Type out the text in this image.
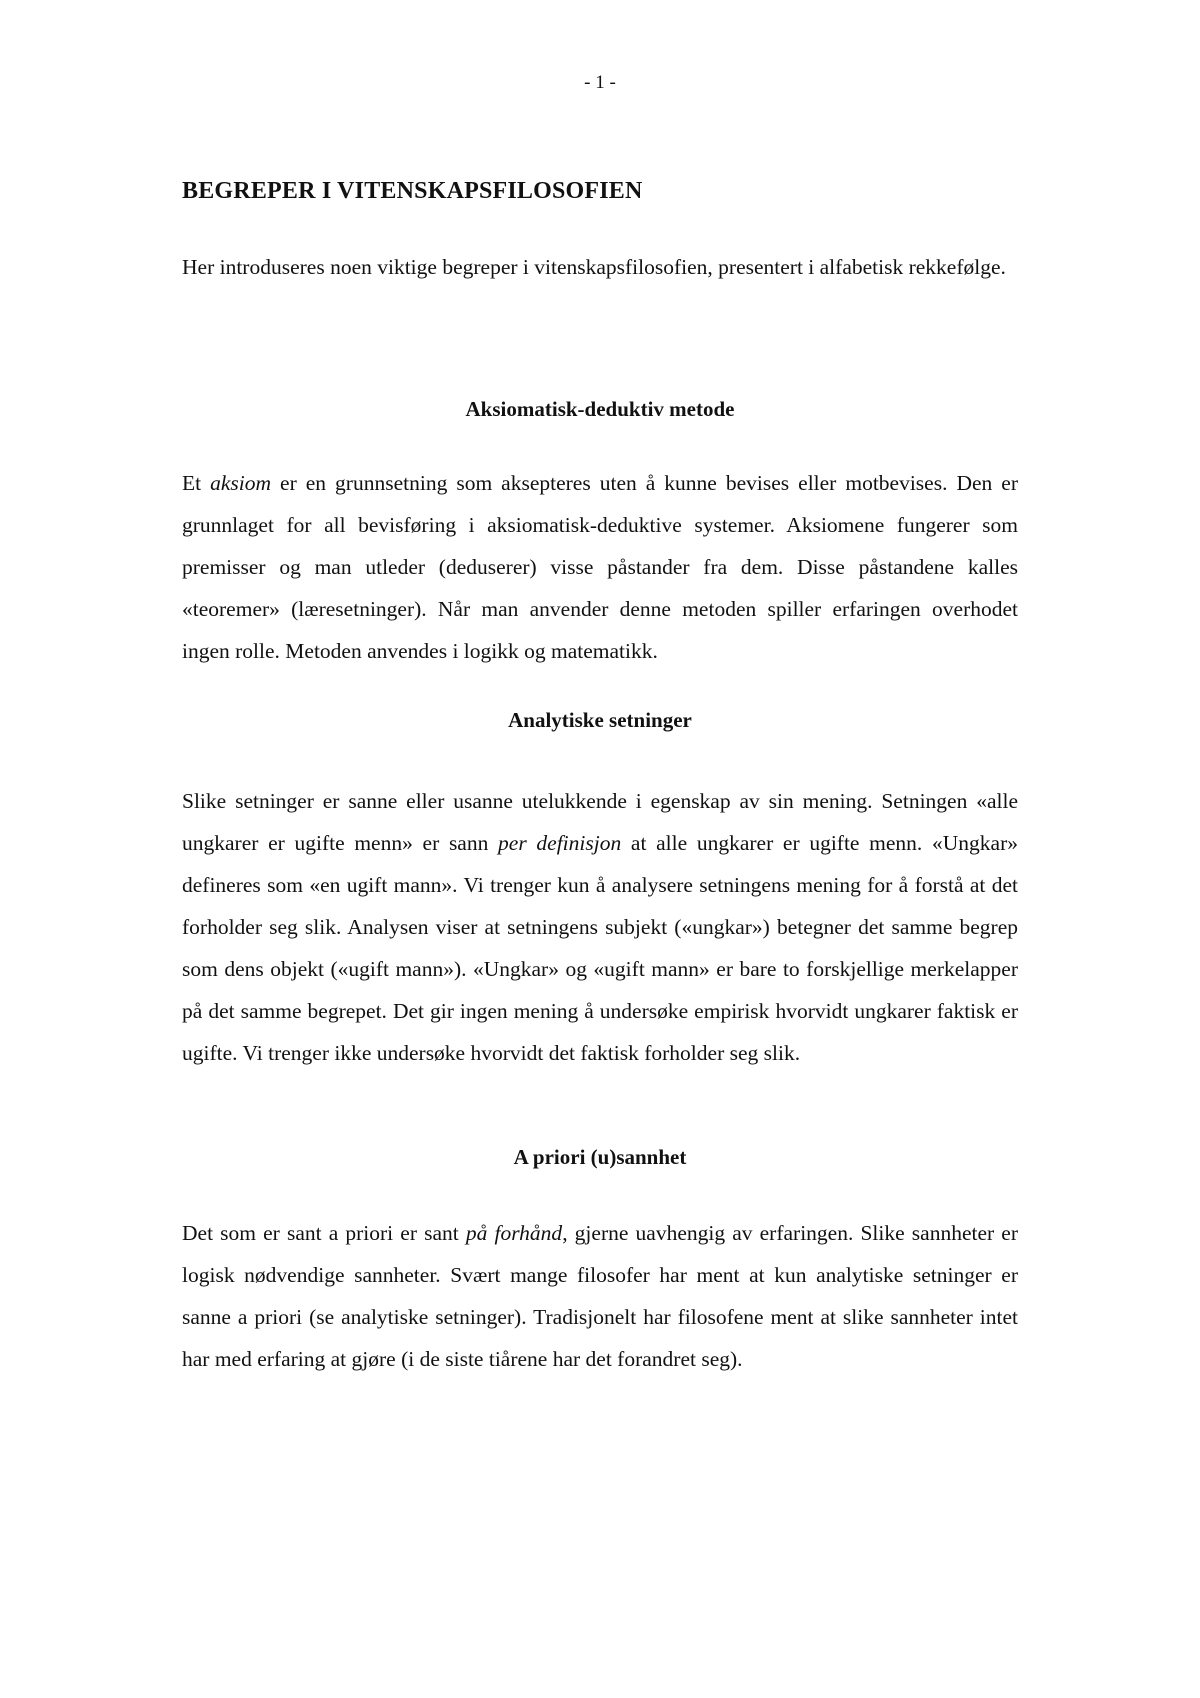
- 1 -
BEGREPER I VITENSKAPSFILOSOFIEN

Her introduseres noen viktige begreper i vitenskapsfilosofien, presentert i alfabetisk rekkefølge.

Aksiomatisk-deduktiv metode

Et aksiom er en grunnsetning som aksepteres uten å kunne bevises eller motbevises. Den er grunnlaget for all bevisføring i aksiomatisk-deduktive systemer. Aksiomene fungerer som premisser og man utleder (deduserer) visse påstander fra dem. Disse påstandene kalles «teoremer» (læresetninger). Når man anvender denne metoden spiller erfaringen overhodet ingen rolle. Metoden anvendes i logikk og matematikk.

Analytiske setninger

Slike setninger er sanne eller usanne utelukkende i egenskap av sin mening. Setningen «alle ungkarer er ugifte menn» er sann per definisjon at alle ungkarer er ugifte menn. «Ungkar» defineres som «en ugift mann». Vi trenger kun å analysere setningens mening for å forstå at det forholder seg slik. Analysen viser at setningens subjekt («ungkar») betegner det samme begrep som dens objekt («ugift mann»). «Ungkar» og «ugift mann» er bare to forskjellige merkelapper på det samme begrepet. Det gir ingen mening å undersøke empirisk hvorvidt ungkarer faktisk er ugifte. Vi trenger ikke undersøke hvorvidt det faktisk forholder seg slik.

A priori (u)sannhet

Det som er sant a priori er sant på forhånd, gjerne uavhengig av erfaringen. Slike sannheter er logisk nødvendige sannheter. Svært mange filosofer har ment at kun analytiske setninger er sanne a priori (se analytiske setninger). Tradisjonelt har filosofene ment at slike sannheter intet har med erfaring at gjøre (i de siste tiårene har det forandret seg).
